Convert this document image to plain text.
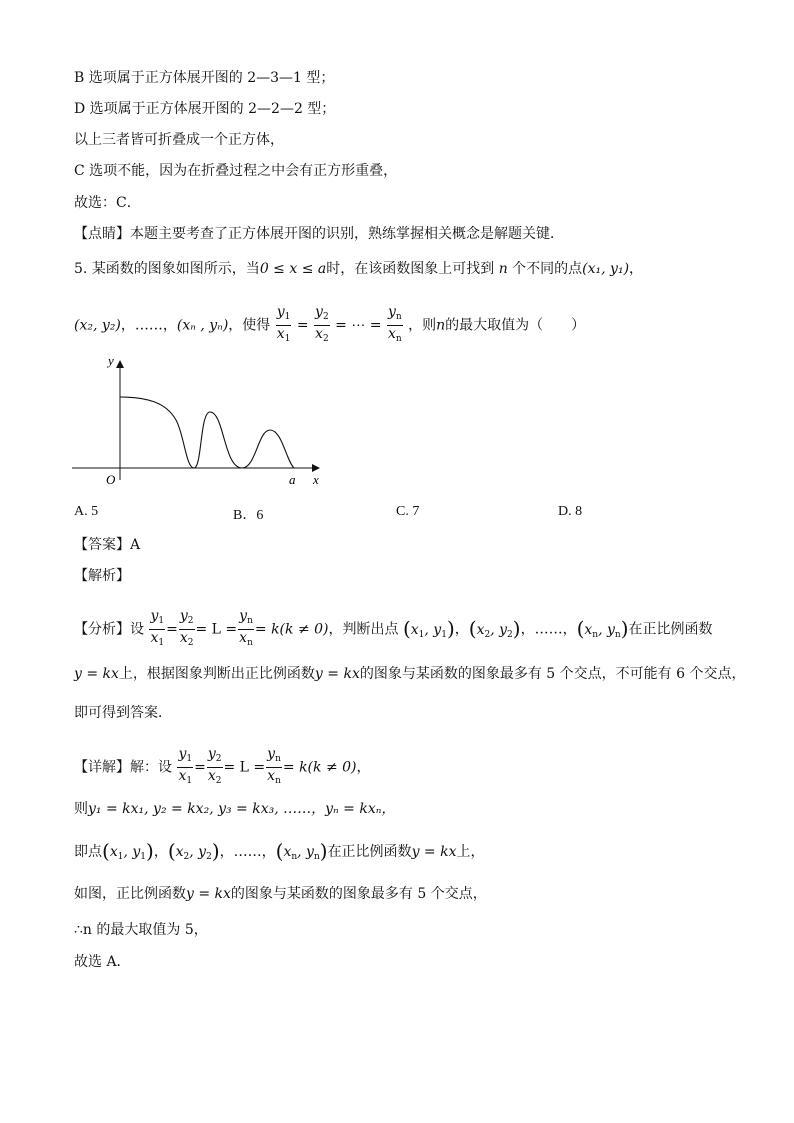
B 选项属于正方体展开图的 2—3—1 型；
D 选项属于正方体展开图的 2—2—2 型；
以上三者皆可折叠成一个正方体，
C 选项不能，因为在折叠过程之中会有正方形重叠，
故选：C．
【点睛】本题主要考查了正方体展开图的识别，熟练掌握相关概念是解题关键．
5. 某函数的图象如图所示，当0 ≤ x ≤ a时，在该函数图象上可找到 n 个不同的点(x₁, y₁)，
(x₂, y₂)，……，(xₙ , yₙ)，使得 $\frac{y_1}{x_1} = \frac{y_2}{x_2}$ = ⋯ = $\frac{y_n}{x_n}$ ，则n的最大取值为（　　）
y
x
O	a
A. 5	B．6	C. 7	D. 8
【答案】A
【解析】
【分析】设 $\frac{y_1}{x_1} = \frac{y_2}{x_2} = L = \frac{y_n}{x_n} = k(k \ne 0)$，判断出点 ($x_1$, $y_1$)，($x_2$, $y_2$)，……，($x_n$, $y_n$)在正比例函数
y = kx上，根据图象判断出正比例函数y = kx的图象与某函数的图象最多有 5 个交点，不可能有 6 个交点，
即可得到答案．
【详解】解：设 $\frac{y_1}{x_1} = \frac{y_2}{x_2} = L = \frac{y_n}{x_n} = k(k \ne 0)$，
则y₁ = kx₁, y₂ = kx₂, y₃ = kx₃, ……，yₙ = kxₙ，
即点($x_1$, $y_1$)，($x_2$, $y_2$)，……，($x_n$, $y_n$)在正比例函数y = kx上，
如图，正比例函数y = kx的图象与某函数的图象最多有 5 个交点，
∴n 的最大取值为 5，
故选 A．
